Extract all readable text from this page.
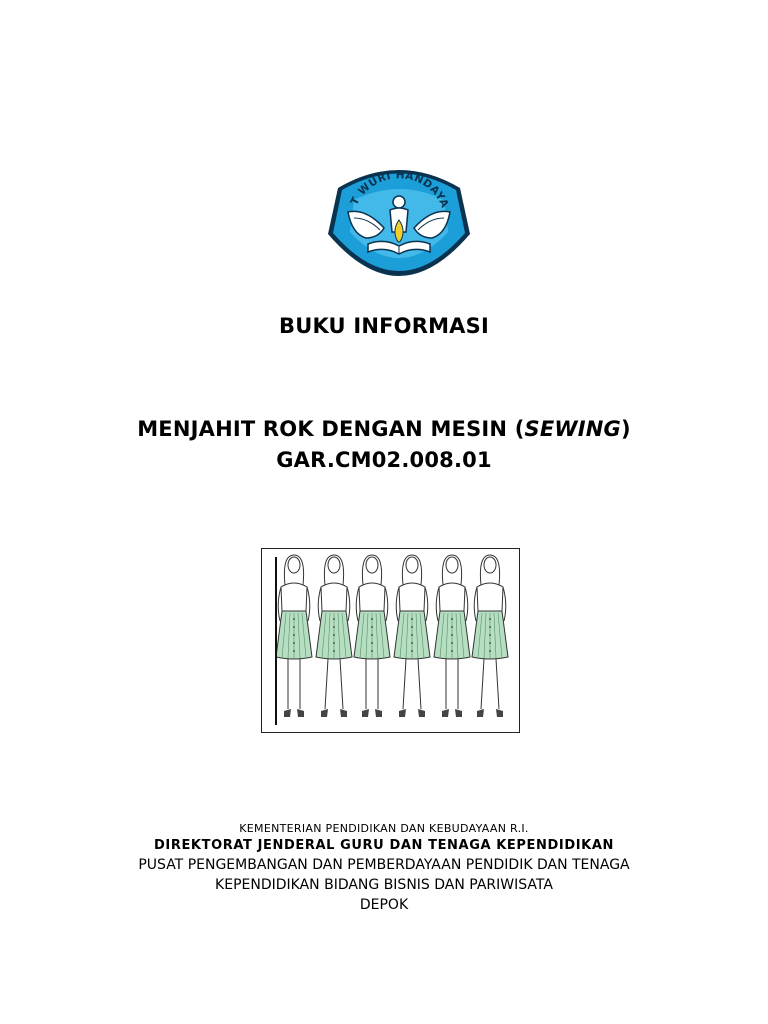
T WURI HANDAYA
BUKU INFORMASI
MENJAHIT ROK DENGAN MESIN (SEWING)
GAR.CM02.008.01
KEMENTERIAN PENDIDIKAN DAN KEBUDAYAAN R.I.
DIREKTORAT JENDERAL GURU DAN TENAGA KEPENDIDIKAN
PUSAT PENGEMBANGAN DAN PEMBERDAYAAN PENDIDIK DAN TENAGA
KEPENDIDIKAN BIDANG BISNIS DAN PARIWISATA
DEPOK
